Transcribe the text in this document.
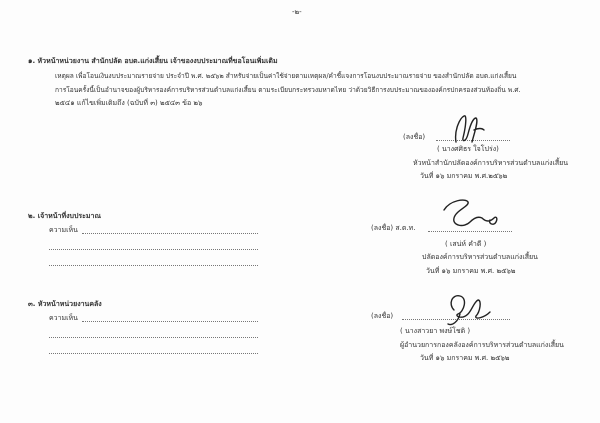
-๒-
๑. หัวหน้าหน่วยงาน สำนักปลัด อบต.แก่งเสี้ยน เจ้าของงบประมาณที่ขอโอนเพิ่มเติม
เหตุผล เพื่อโอนเงินงบประมาณรายจ่าย ประจำปี พ.ศ. ๒๕๖๒ สำหรับจ่ายเป็นค่าใช้จ่ายตามเหตุผล/คำชี้แจงการโอนงบประมาณรายจ่าย ของสำนักปลัด อบต.แก่งเสี้ยน
การโอนครั้งนี้เป็นอำนาจของผู้บริหารองค์การบริหารส่วนตำบลแก่งเสี้ยน ตามระเบียบกระทรวงมหาดไทย ว่าด้วยวิธีการงบประมาณขององค์กรปกครองส่วนท้องถิ่น พ.ศ.
๒๕๔๑ แก้ไขเพิ่มเติมถึง (ฉบับที่ ๓) ๒๕๔๓ ข้อ ๒๖
(ลงชื่อ)
( นางศศิธร ใจโปร่ง)
หัวหน้าสำนักปลัดองค์การบริหารส่วนตำบลแก่งเสี้ยน
วันที่ ๑๖ มกราคม พ.ศ.๒๕๖๒
๒. เจ้าหน้าที่งบประมาณ
ความเห็น	(ลงชื่อ) ส.ต.ท.
( เสน่ห์ คำดี )
ปลัดองค์การบริหารส่วนตำบลแก่งเสี้ยน
วันที่ ๑๖ มกราคม พ.ศ. ๒๕๖๒
๓. หัวหน้าหน่วยงานคลัง
ความเห็น	(ลงชื่อ)
( นางสาวยา พงษ์โชติ )
ผู้อำนวยการกองคลังองค์การบริหารส่วนตำบลแก่งเสี้ยน
วันที่ ๑๖ มกราคม พ.ศ. ๒๕๖๒
